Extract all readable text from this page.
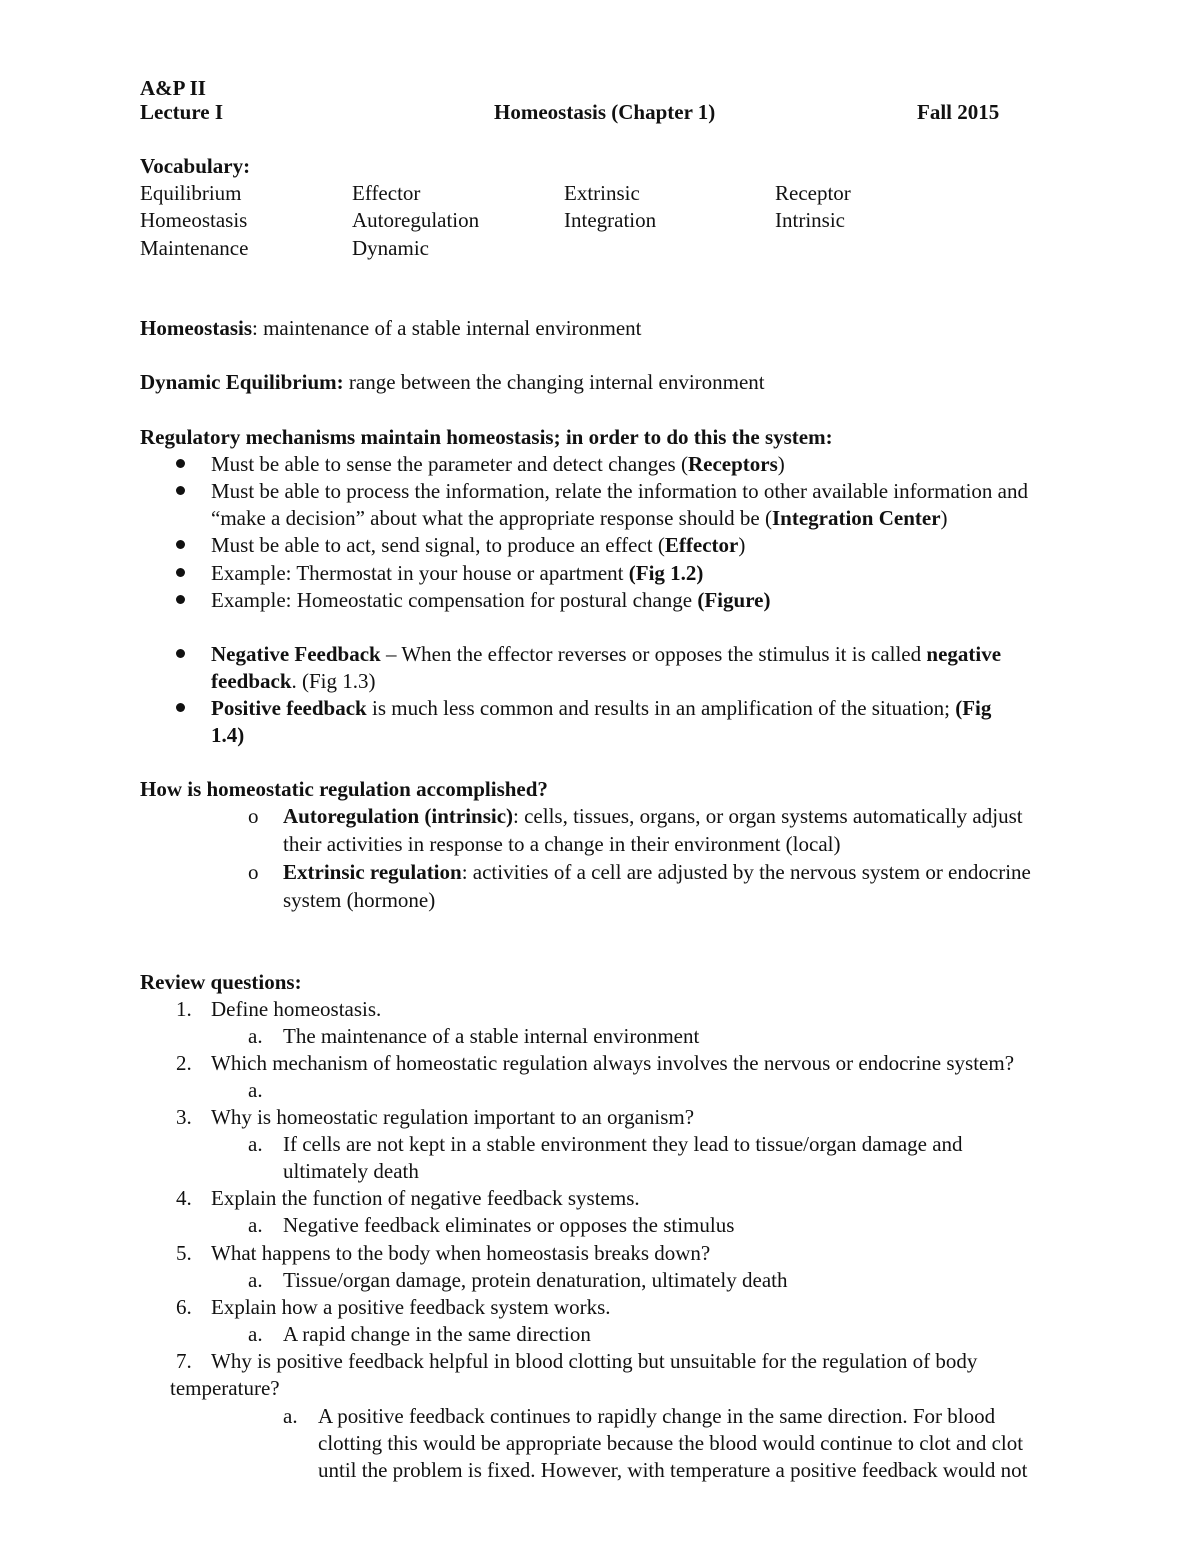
A&P II
Lecture I	Homeostasis (Chapter 1)	Fall 2015
Vocabulary:
Equilibrium	Effector	Extrinsic	Receptor
Homeostasis	Autoregulation	Integration	Intrinsic
Maintenance	Dynamic
Homeostasis: maintenance of a stable internal environment
Dynamic Equilibrium: range between the changing internal environment
Regulatory mechanisms maintain homeostasis; in order to do this the system:
Must be able to sense the parameter and detect changes (Receptors)
Must be able to process the information, relate the information to other available information and
“make a decision” about what the appropriate response should be (Integration Center)
Must be able to act, send signal, to produce an effect (Effector)
Example: Thermostat in your house or apartment (Fig 1.2)
Example: Homeostatic compensation for postural change (Figure)
Negative Feedback – When the effector reverses or opposes the stimulus it is called negative
feedback. (Fig 1.3)
Positive feedback is much less common and results in an amplification of the situation; (Fig
1.4)
How is homeostatic regulation accomplished?
o Autoregulation (intrinsic): cells, tissues, organs, or organ systems automatically adjust
their activities in response to a change in their environment (local)
o Extrinsic regulation: activities of a cell are adjusted by the nervous system or endocrine
system (hormone)
Review questions:
1. Define homeostasis.
a. The maintenance of a stable internal environment
2. Which mechanism of homeostatic regulation always involves the nervous or endocrine system?
a.
3. Why is homeostatic regulation important to an organism?
a. If cells are not kept in a stable environment they lead to tissue/organ damage and
ultimately death
4. Explain the function of negative feedback systems.
a. Negative feedback eliminates or opposes the stimulus
5. What happens to the body when homeostasis breaks down?
a. Tissue/organ damage, protein denaturation, ultimately death
6. Explain how a positive feedback system works.
a. A rapid change in the same direction
7. Why is positive feedback helpful in blood clotting but unsuitable for the regulation of body
temperature?
a. A positive feedback continues to rapidly change in the same direction. For blood
clotting this would be appropriate because the blood would continue to clot and clot
until the problem is fixed. However, with temperature a positive feedback would not
